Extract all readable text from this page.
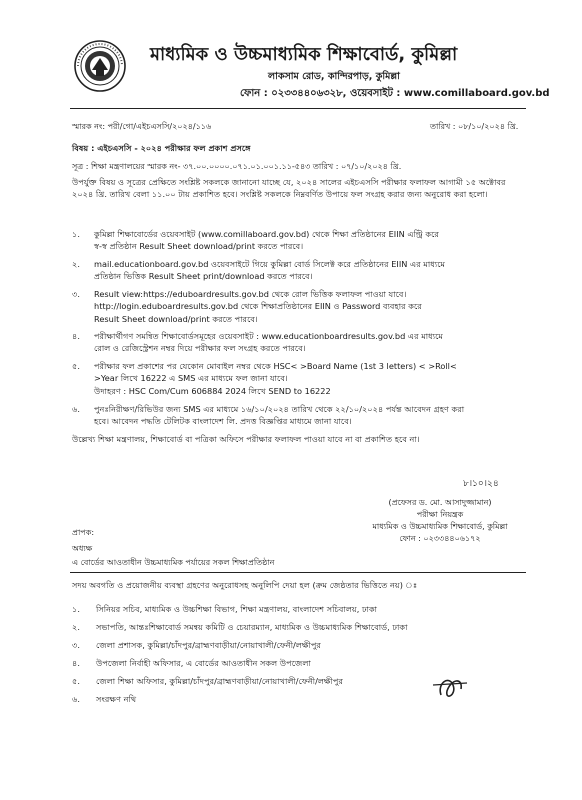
মাধ্যমিক ও উচ্চমাধ্যমিক শিক্ষাবোর্ড, কুমিল্লা
লাকসাম রোড, কান্দিরপাড়, কুমিল্লা
ফোন : ০২৩৩৪৪০৬৩২৮, ওয়েবসাইট : www.comillaboard.gov.bd
স্মারক নং: পরী/গো/এইচএসসি/২০২৪/১১৬	তারিখ : ০৮/১০/২০২৪ খ্রি.
বিষয় : এইচএসসি - ২০২৪ পরীক্ষার ফল প্রকাশ প্রসঙ্গে
সূত্র : শিক্ষা মন্ত্রণালয়ের স্মারক নং- ৩৭.০০.০০০০.০৭১.০১.০০১.১১-৫৪৩ তারিখ : ০৭/১০/২০২৪ খ্রি.
উপর্যুক্ত বিষয় ও সূত্রের প্রেক্ষিতে সংশ্লিষ্ট সকলকে জানানো যাচ্ছে যে, ২০২৪ সালের এইচএসসি পরীক্ষার ফলাফল আগামী ১৫ অক্টোবর ২০২৪ খ্রি. তারিখ বেলা ১১.০০ টায় প্রকাশিত হবে। সংশ্লিষ্ট সকলকে নিম্নবর্ণিত উপায়ে ফল সংগ্রহ করার জন্য অনুরোধ করা হলো।
১. কুমিল্লা শিক্ষাবোর্ডের ওয়েবসাইট (www.comillaboard.gov.bd) থেকে শিক্ষা প্রতিষ্ঠানের EIIN এন্ট্রি করে
স্ব-স্ব প্রতিষ্ঠান Result Sheet download/print করতে পারবে।
২. mail.educationboard.gov.bd ওয়েবসাইটে গিয়ে কুমিল্লা বোর্ড সিলেক্ট করে প্রতিষ্ঠানের EIIN এর মাধ্যমে
প্রতিষ্ঠান ভিত্তিক Result Sheet print/download করতে পারবে।
৩. Result view:https://eduboardresults.gov.bd থেকে রোল ভিত্তিক ফলাফল পাওয়া যাবে।
http://login.eduboardresults.gov.bd থেকে শিক্ষাপ্রতিষ্ঠানের EIIN ও Password ব্যবহার করে
Result Sheet download/print করতে পারবে।
৪. পরীক্ষার্থীগণ সমন্বিত শিক্ষাবোর্ডসমূহের ওয়েবসাইট : www.educationboardresults.gov.bd এর মাধ্যমে
রোল ও রেজিস্ট্রেশন নম্বর দিয়ে পরীক্ষার ফল সংগ্রহ করতে পারবে।
৫. পরীক্ষার ফল প্রকাশের পর যেকোন মোবাইল নম্বর থেকে HSC< >Board Name (1st 3 letters) < >Roll<
>Year লিখে 16222 এ SMS এর মাধ্যমে ফল জানা যাবে।
উদাহরণ : HSC Com/Cum 606884 2024 লিখে SEND to 16222
৬. পুনঃনিরীক্ষণ/রিভিউর জন্য SMS এর মাধ্যমে ১৬/১০/২০২৪ তারিখ থেকে ২২/১০/২০২৪ পর্যন্ত আবেদন গ্রহণ করা
হবে। আবেদন পদ্ধতি টেলিটক বাংলাদেশ লি. প্রদত্ত বিজ্ঞপ্তির মাধ্যমে জানা যাবে।
উল্লেখ্য শিক্ষা মন্ত্রণালয়, শিক্ষাবোর্ড বা পত্রিকা অফিসে পরীক্ষার ফলাফল পাওয়া যাবে না বা প্রকাশিত হবে না।
৮।১০।২৪
(প্রফেসর ড. মো. আসাদুজ্জামান)
পরীক্ষা নিয়ন্ত্রক
মাধ্যমিক ও উচ্চমাধ্যমিক শিক্ষাবোর্ড, কুমিল্লা
ফোন : ০২৩৩৪৪০৬১৭২
প্রাপক:
অধ্যক্ষ
এ বোর্ডের আওতাধীন উচ্চমাধ্যমিক পর্যায়ের সকল শিক্ষাপ্রতিষ্ঠান
সদয় অবগতি ও প্রয়োজনীয় ব্যবস্থা গ্রহণের অনুরোধসহ অনুলিপি দেয়া হল (ক্রম জেষ্ঠতার ভিত্তিতে নয়) ঃ
১. সিনিয়র সচিব, মাধ্যমিক ও উচ্চশিক্ষা বিভাগ, শিক্ষা মন্ত্রণালয়, বাংলাদেশ সচিবালয়, ঢাকা
২. সভাপতি, আন্তঃশিক্ষাবোর্ড সমন্বয় কমিটি ও চেয়ারম্যান, মাধ্যমিক ও উচ্চমাধ্যমিক শিক্ষাবোর্ড, ঢাকা
৩. জেলা প্রশাসক, কুমিল্লা/চাঁদপুর/ব্রাহ্মণবাড়ীয়া/নোয়াখালী/ফেনী/লক্ষীপুর
৪. উপজেলা নির্বাহী অফিসার, এ বোর্ডের আওতাধীন সকল উপজেলা
৫. জেলা শিক্ষা অফিসার, কুমিল্লা/চাঁদপুর/ব্রাহ্মণবাড়ীয়া/নোয়াখালী/ফেনী/লক্ষীপুর
৬. সংরক্ষণ নথি
